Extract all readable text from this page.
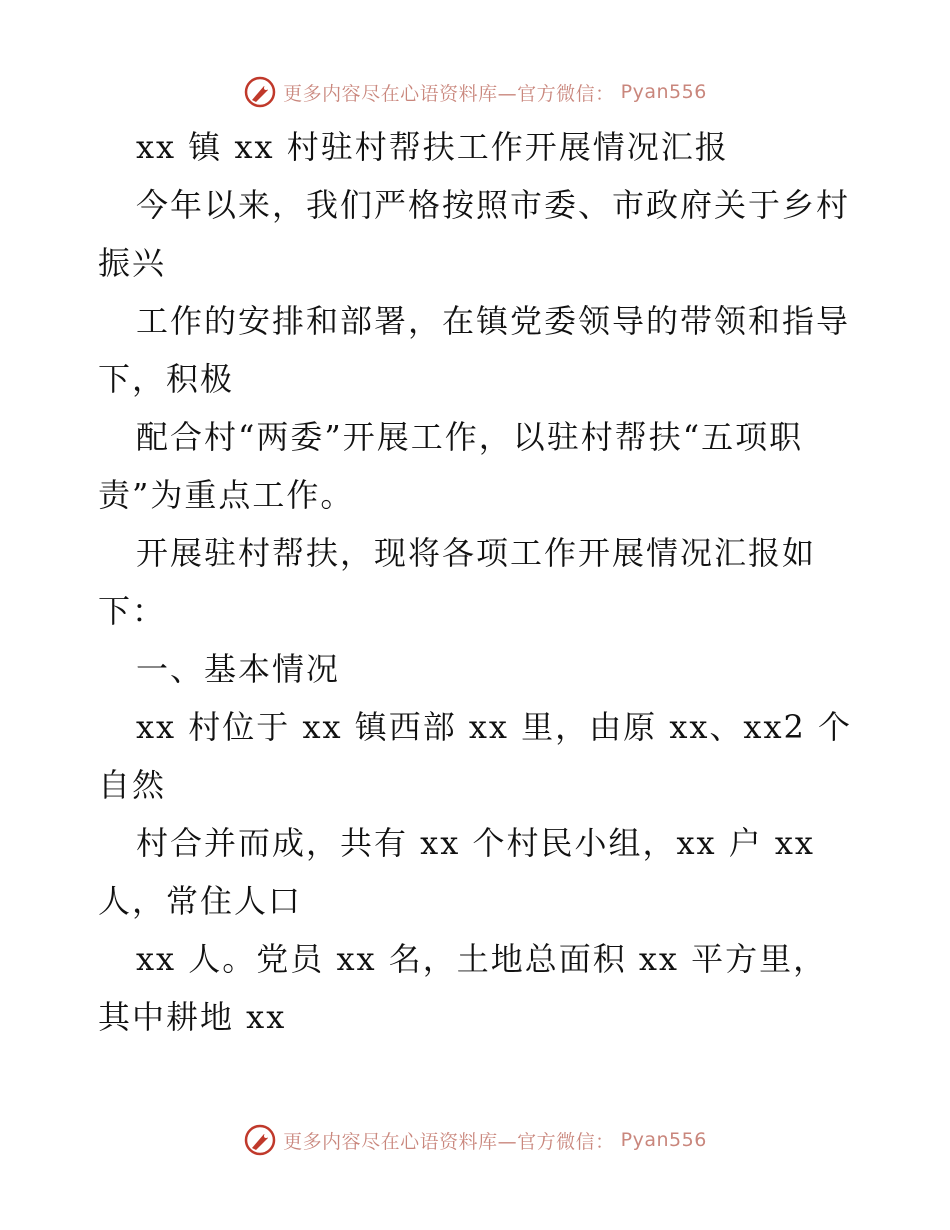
更多内容尽在心语资料库—官方微信： Pyan556
xx 镇 xx 村驻村帮扶工作开展情况汇报
今年以来，我们严格按照市委、市政府关于乡村
振兴
工作的安排和部署，在镇党委领导的带领和指导
下，积极
配合村“两委”开展工作，以驻村帮扶“五项职
责”为重点工作。
开展驻村帮扶，现将各项工作开展情况汇报如
下：
一、基本情况
xx 村位于 xx 镇西部 xx 里，由原 xx、xx2 个
自然
村合并而成，共有 xx 个村民小组，xx 户 xx
人，常住人口
xx 人。党员 xx 名，土地总面积 xx 平方里，
其中耕地 xx
更多内容尽在心语资料库—官方微信： Pyan556
